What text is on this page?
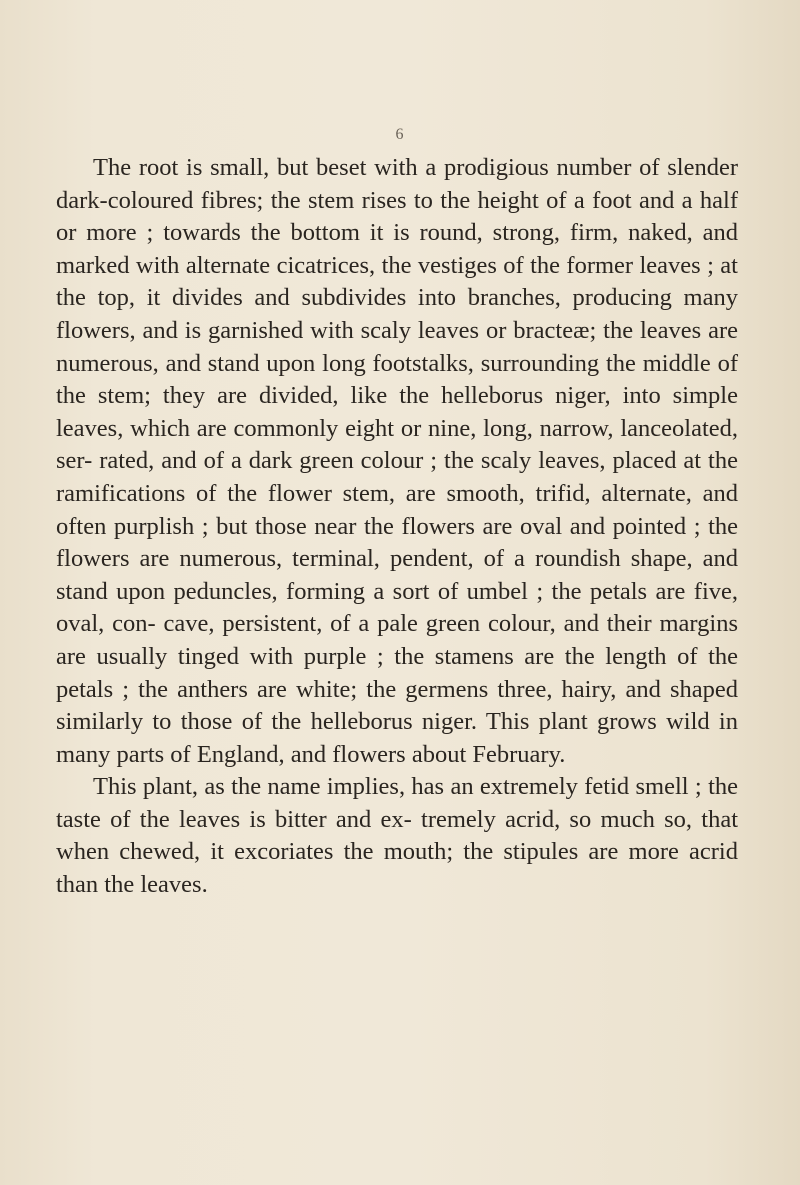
6

The root is small, but beset with a prodigious number of slender dark-coloured fibres; the stem rises to the height of a foot and a half or more ; towards the bottom it is round, strong, firm, naked, and marked with alternate cicatrices, the vestiges of the former leaves ; at the top, it divides and subdivides into branches, producing many flowers, and is garnished with scaly leaves or bracteæ; the leaves are numerous, and stand upon long footstalks, surrounding the middle of the stem; they are divided, like the helleborus niger, into simple leaves, which are commonly eight or nine, long, narrow, lanceolated, ser- rated, and of a dark green colour ; the scaly leaves, placed at the ramifications of the flower stem, are smooth, trifid, alternate, and often purplish ; but those near the flowers are oval and pointed ; the flowers are numerous, terminal, pendent, of a roundish shape, and stand upon peduncles, forming a sort of umbel ; the petals are five, oval, con- cave, persistent, of a pale green colour, and their margins are usually tinged with purple ; the stamens are the length of the petals ; the anthers are white; the germens three, hairy, and shaped similarly to those of the helleborus niger. This plant grows wild in many parts of England, and flowers about February.

This plant, as the name implies, has an extremely fetid smell ; the taste of the leaves is bitter and ex- tremely acrid, so much so, that when chewed, it excoriates the mouth; the stipules are more acrid than the leaves.
